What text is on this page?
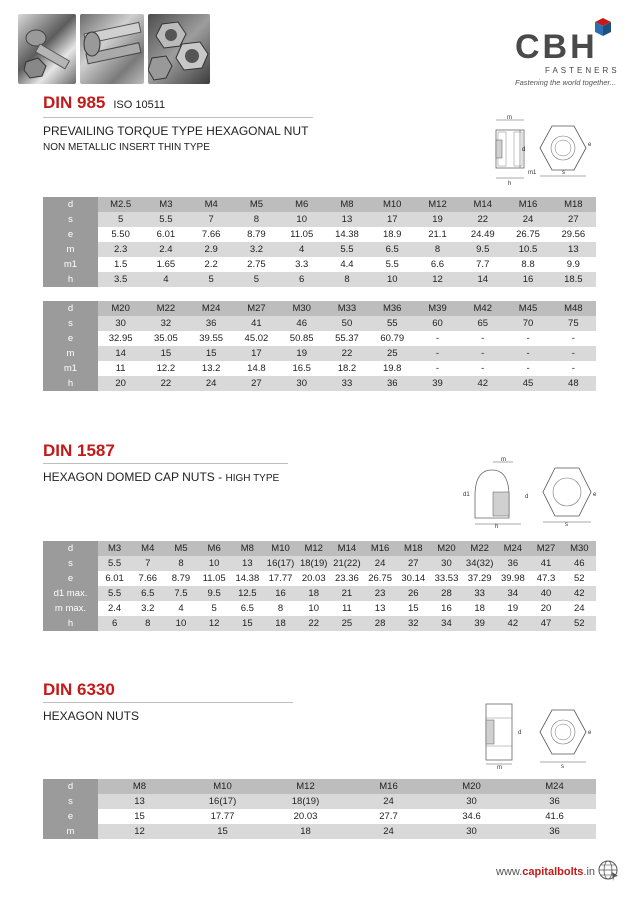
CBH
FASTENERS
Fastening the world together...
DIN 985 ISO 10511
PREVAILING TORQUE TYPE HEXAGONAL NUT
NON METALLIC INSERT THIN TYPE
m
d
m1
h
e
s
d	M2.5	M3	M4	M5	M6	M8	M10	M12	M14	M16	M18
s	5	5.5	7	8	10	13	17	19	22	24	27
e	5.50	6.01	7.66	8.79	11.05	14.38	18.9	21.1	24.49	26.75	29.56
m	2.3	2.4	2.9	3.2	4	5.5	6.5	8	9.5	10.5	13
m1	1.5	1.65	2.2	2.75	3.3	4.4	5.5	6.6	7.7	8.8	9.9
h	3.5	4	5	5	6	8	10	12	14	16	18.5
d	M20	M22	M24	M27	M30	M33	M36	M39	M42	M45	M48
s	30	32	36	41	46	50	55	60	65	70	75
e	32.95	35.05	39.55	45.02	50.85	55.37	60.79	-	-	-	-
m	14	15	15	17	19	22	25	-	-	-	-
m1	11	12.2	13.2	14.8	16.5	18.2	19.8	-	-	-	-
h	20	22	24	27	30	33	36	39	42	45	48
DIN 1587
HEXAGON DOMED CAP NUTS - HIGH TYPE
m
d1	d
h
e
s
d	M3	M4	M5	M6	M8	M10	M12	M14	M16	M18	M20	M22	M24	M27	M30
s	5.5	7	8	10	13	16(17)	18(19)	21(22)	24	27	30	34(32)	36	41	46
e	6.01	7.66	8.79	11.05	14.38	17.77	20.03	23.36	26.75	30.14	33.53	37.29	39.98	47.3	52
d1 max.	5.5	6.5	7.5	9.5	12.5	16	18	21	23	26	28	33	34	40	42
m max.	2.4	3.2	4	5	6.5	8	10	11	13	15	16	18	19	20	24
h	6	8	10	12	15	18	22	25	28	32	34	39	42	47	52
DIN 6330
HEXAGON NUTS
d
m
e
s
d	M8	M10	M12	M16	M20	M24
s	13	16(17)	18(19)	24	30	36
e	15	17.77	20.03	27.7	34.6	41.6
m	12	15	18	24	30	36
www.capitalbolts.in
